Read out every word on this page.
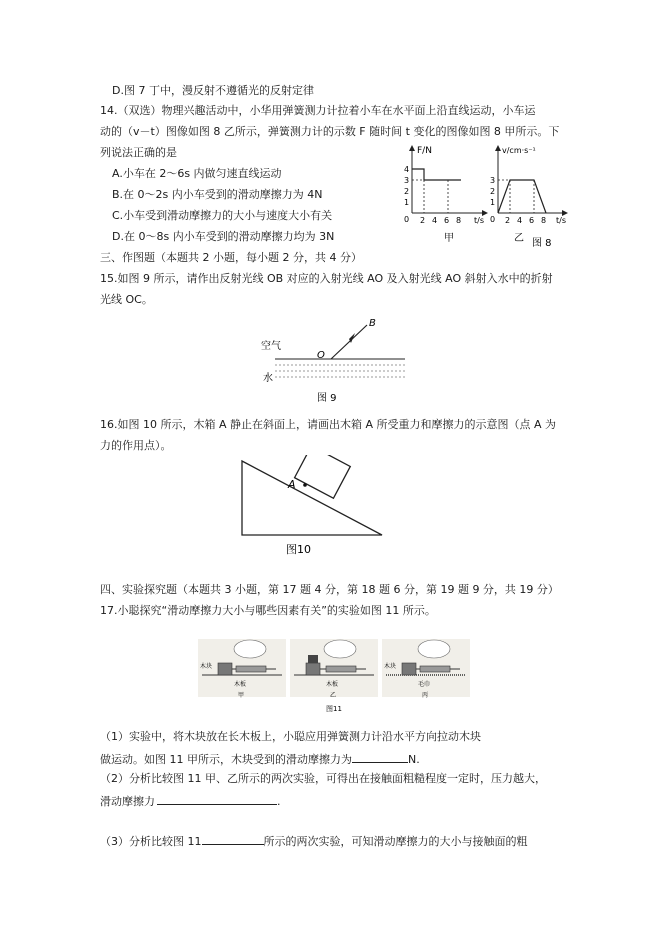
D.图 7 丁中，漫反射不遵循光的反射定律
14.（双选）物理兴趣活动中，小华用弹簧测力计拉着小车在水平面上沿直线运动，小车运
动的（v－t）图像如图 8 乙所示，弹簧测力计的示数 F 随时间 t 变化的图像如图 8 甲所示。下
列说法正确的是
A.小车在 2～6s 内做匀速直线运动
B.在 0～2s 内小车受到的滑动摩擦力为 4N
C.小车受到滑动摩擦力的大小与速度大小有关
D.在 0～8s 内小车受到的滑动摩擦力均为 3N
F/N
t/s
0 2 4 6 8
1
2
3
4
甲
v/cm·s⁻¹
t/s
0 2 4 6 8
1
2
3
乙 图 8
三、作图题（本题共 2 小题，每小题 2 分，共 4 分）
15.如图 9 所示，请作出反射光线 OB 对应的入射光线 AO 及入射光线 AO 斜射入水中的折射
光线 OC。
空气
水
O
B
图 9
16.如图 10 所示，木箱 A 静止在斜面上，请画出木箱 A 所受重力和摩擦力的示意图（点 A 为
力的作用点）。
A
图10
四、实验探究题（本题共 3 小题，第 17 题 4 分，第 18 题 6 分，第 19 题 9 分，共 19 分）
17.小聪探究“滑动摩擦力大小与哪些因素有关”的实验如图 11 所示。
木块
木板
甲
木板
乙
木块
毛巾
丙
图11
（1）实验中，将木块放在长木板上，小聪应用弹簧测力计沿水平方向拉动木块
做运动。如图 11 甲所示，木块受到的滑动摩擦力为	N.
（2）分析比较图 11 甲、乙所示的两次实验，可得出在接触面粗糙程度一定时，压力越大，
滑动摩擦力	.
（3）分析比较图 11	所示的两次实验，可知滑动摩擦力的大小与接触面的粗
